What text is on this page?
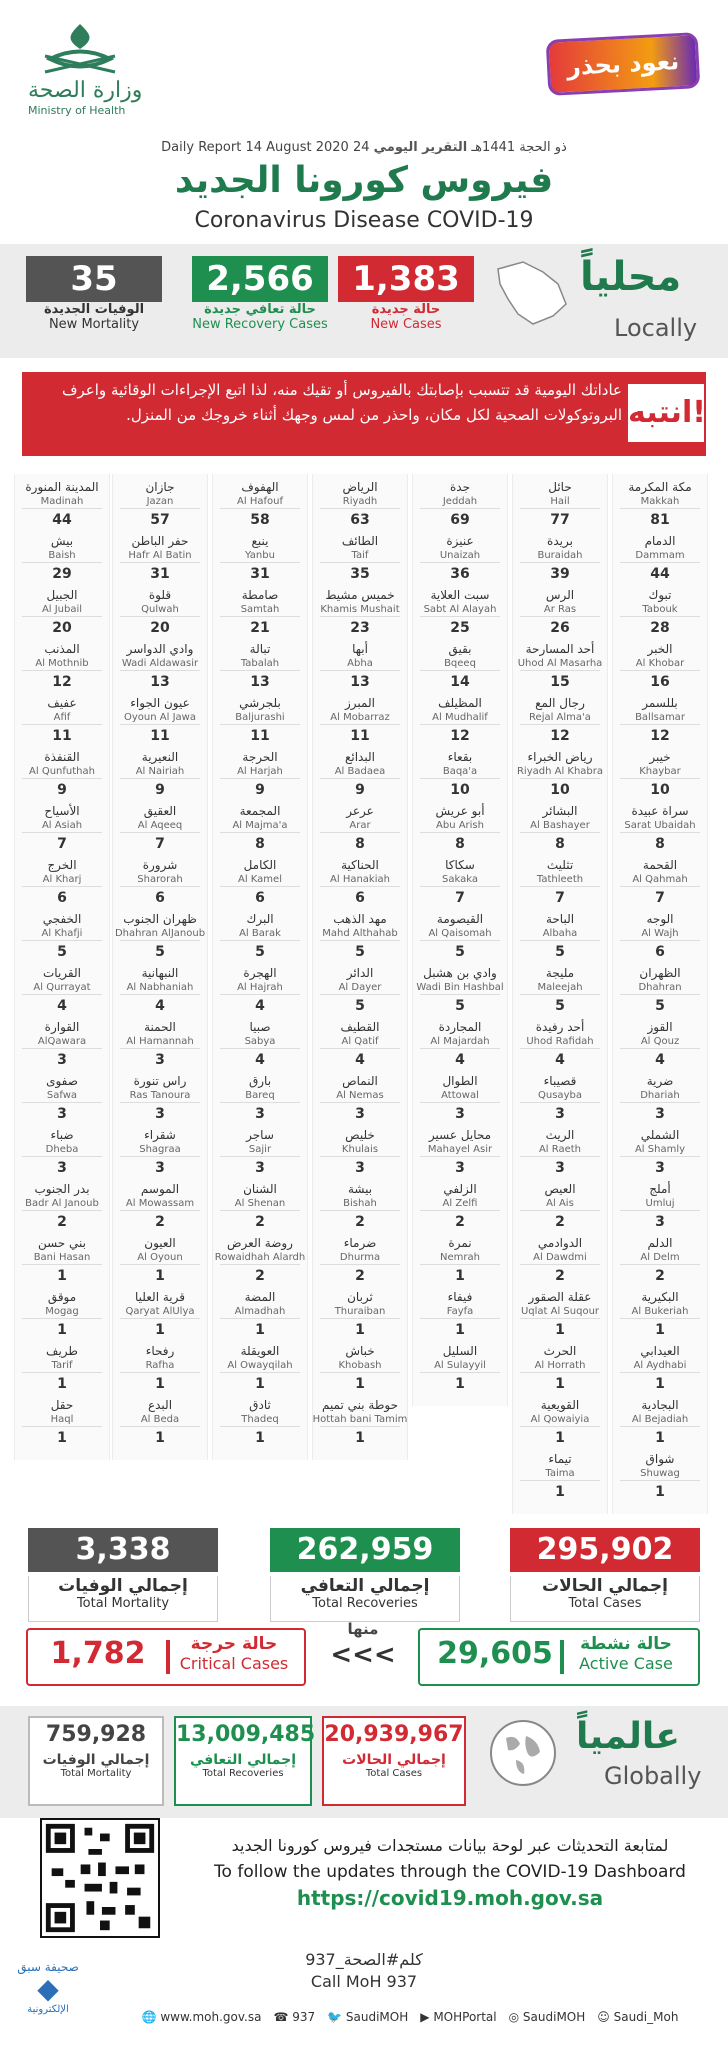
وزارة الصحة
Ministry of Health
نعود بحذر
Daily Report 14 August 2020 24 ذو الحجة 1441هـ التقرير اليومي
فيروس كورونا الجديد
Coronavirus Disease COVID-19
محلياً
Locally
1,383
حالة جديدة
New Cases
2,566
حالة تعافي جديدة
New Recovery Cases
35
الوفيات الجديدة
New Mortality
انتبه!
عاداتك اليومية قد تتسبب بإصابتك بالفيروس أو تقيك منه، لذا اتبع الإجراءات الوقائية واعرف البروتوكولات الصحية لكل مكان، واحذر من لمس وجهك أثناء خروجك من المنزل.
مكة المكرمة
Makkah
81
الدمام
Dammam
44
تبوك
Tabouk
28
الخبر
Al Khobar
16
بللسمر
Ballsamar
12
خيبر
Khaybar
10
سراة عبيدة
Sarat Ubaidah
8
القحمة
Al Qahmah
7
الوجه
Al Wajh
6
الظهران
Dhahran
5
القوز
Al Qouz
4
ضرية
Dhariah
3
الشملي
Al Shamly
3
أملج
Umluj
3
الدلم
Al Delm
2
البكيرية
Al Bukeriah
1
العيدابي
Al Aydhabi
1
البجادية
Al Bejadiah
1
شواق
Shuwag
1
حائل
Hail
77
بريدة
Buraidah
39
الرس
Ar Ras
26
أحد المسارحة
Uhod Al Masarha
15
رجال المع
Rejal Alma'a
12
رياض الخبراء
Riyadh Al Khabra
10
البشائر
Al Bashayer
8
تثليث
Tathleeth
7
الباحة
Albaha
5
مليجة
Maleejah
5
أحد رفيدة
Uhod Rafidah
4
قصيباء
Qusayba
3
الريث
Al Raeth
3
العيص
Al Ais
2
الدوادمي
Al Dawdmi
2
عقلة الصقور
Uqlat Al Suqour
1
الحرث
Al Horrath
1
القويعية
Al Qowaiyia
1
تيماء
Taima
1
جدة
Jeddah
69
عنيزة
Unaizah
36
سبت العلاية
Sabt Al Alayah
25
بقيق
Bqeeq
14
المظيلف
Al Mudhalif
12
بقعاء
Baqa'a
10
أبو عريش
Abu Arish
8
سكاكا
Sakaka
7
القيصومة
Al Qaisomah
5
وادي بن هشبل
Wadi Bin Hashbal
5
المجاردة
Al Majardah
4
الطوال
Attowal
3
محايل عسير
Mahayel Asir
3
الزلفي
Al Zelfi
2
نمرة
Nemrah
1
فيفاء
Fayfa
1
السليل
Al Sulayyil
1
الرياض
Riyadh
63
الطائف
Taif
35
خميس مشيط
Khamis Mushait
23
أبها
Abha
13
المبرز
Al Mobarraz
11
البدائع
Al Badaea
9
عرعر
Arar
8
الحناكية
Al Hanakiah
6
مهد الذهب
Mahd Althahab
5
الدائر
Al Dayer
5
القطيف
Al Qatif
4
النماص
Al Nemas
3
خليص
Khulais
3
بيشة
Bishah
2
ضرماء
Dhurma
2
ثربان
Thuraiban
1
خباش
Khobash
1
حوطة بني تميم
Hottah bani Tamim
1
الهفوف
Al Hafouf
58
ينبع
Yanbu
31
صامطة
Samtah
21
تبالة
Tabalah
13
بلجرشي
Baljurashi
11
الحرجة
Al Harjah
9
المجمعة
Al Majma'a
8
الكامل
Al Kamel
6
البرك
Al Barak
5
الهجرة
Al Hajrah
4
صبيا
Sabya
4
بارق
Bareq
3
ساجر
Sajir
3
الشنان
Al Shenan
2
روضة العرض
Rowaidhah Alardh
2
المضة
Almadhah
1
العويقلة
Al Owayqilah
1
ثادق
Thadeq
1
جازان
Jazan
57
حفر الباطن
Hafr Al Batin
31
قلوة
Qulwah
20
وادي الدواسر
Wadi Aldawasir
13
عيون الجواء
Oyoun Al Jawa
11
النعيرية
Al Nairiah
9
العقيق
Al Aqeeq
7
شرورة
Sharorah
6
ظهران الجنوب
Dhahran AlJanoub
5
النبهانية
Al Nabhaniah
4
الحمنة
Al Hamannah
3
راس تنورة
Ras Tanoura
3
شقراء
Shagraa
3
الموسم
Al Mowassam
2
العيون
Al Oyoun
1
قرية العليا
Qaryat AlUlya
1
رفحاء
Rafha
1
البدع
Al Beda
1
المدينة المنورة
Madinah
44
بيش
Baish
29
الجبيل
Al Jubail
20
المذنب
Al Mothnib
12
عفيف
Afif
11
القنفذة
Al Qunfuthah
9
الأسياح
Al Asiah
7
الخرج
Al Kharj
6
الخفجي
Al Khafji
5
القريات
Al Qurrayat
4
القوارة
AlQawara
3
صفوى
Safwa
3
ضباء
Dheba
3
بدر الجنوب
Badr Al Janoub
2
بني حسن
Bani Hasan
1
موقق
Mogag
1
طريف
Tarif
1
حقل
Haql
1
295,902
إجمالي الحالات
Total Cases
262,959
إجمالي التعافي
Total Recoveries
3,338
إجمالي الوفيات
Total Mortality
حالة نشطة
Active Case
29,605
منها
<<<
حالة حرجة
Critical Cases
1,782
عالمياً
Globally
20,939,967
إجمالي الحالات
Total Cases
13,009,485
إجمالي التعافي
Total Recoveries
759,928
إجمالي الوفيات
Total Mortality
لمتابعة التحديثات عبر لوحة بيانات مستجدات فيروس كورونا الجديد
To follow the updates through the COVID-19 Dashboard
https://covid19.moh.gov.sa
كلم#الصحة_937
Call MoH 937
🌐 www.moh.gov.sa ☎ 937 🐦 SaudiMOH ▶ MOHPortal ◎ SaudiMOH ☺ Saudi_Moh
صحيفة سبق
◆
الإلكترونية
